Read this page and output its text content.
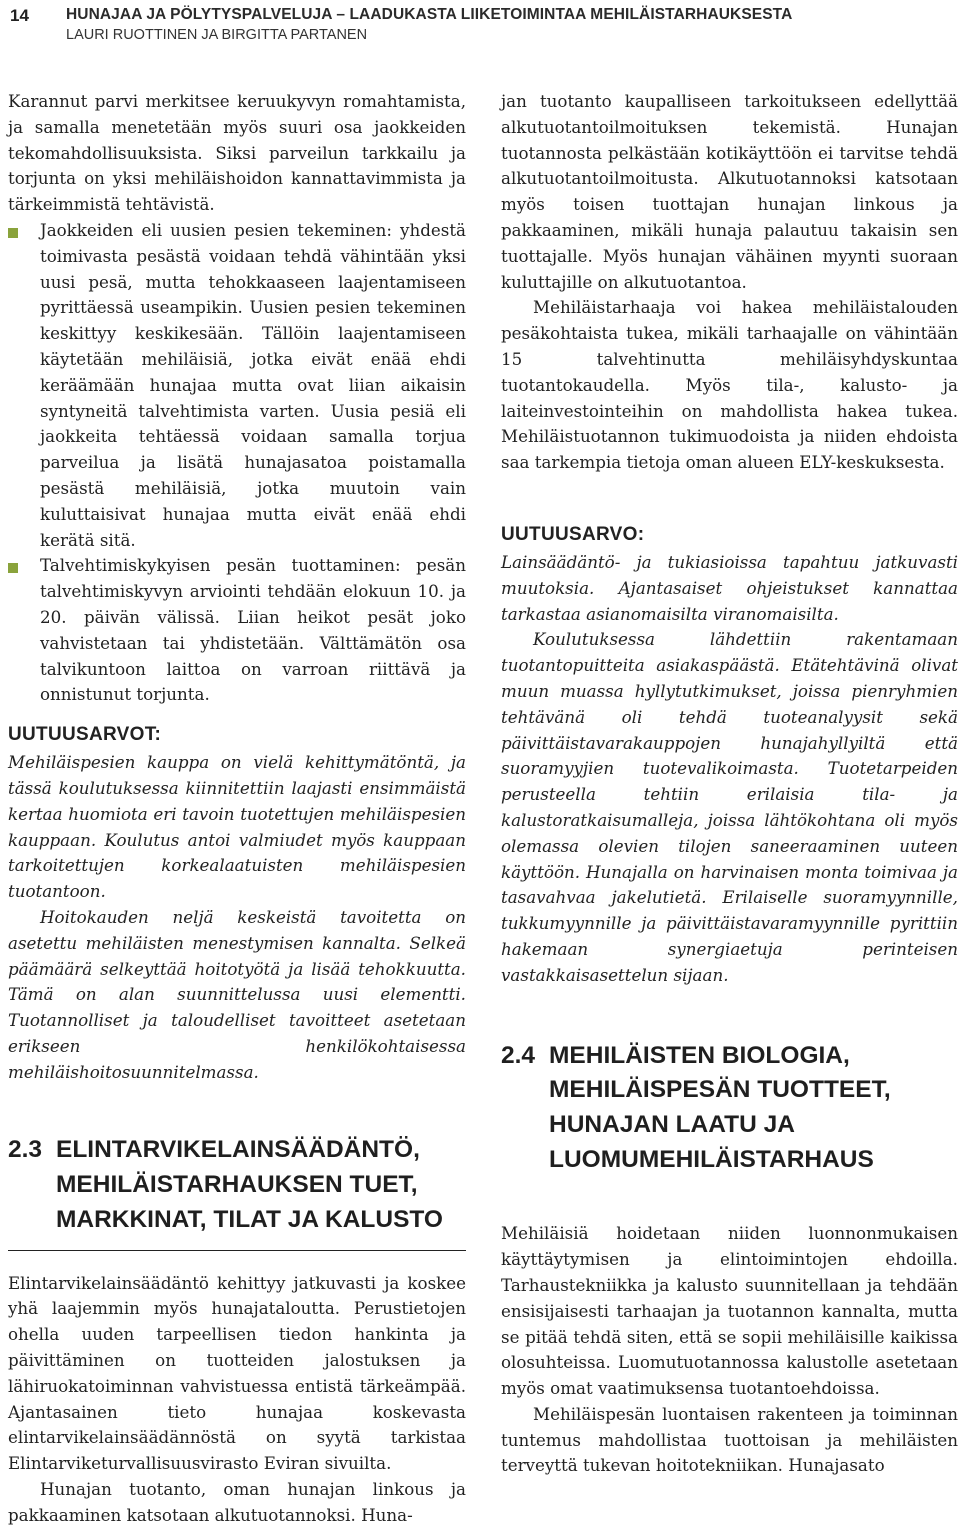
14 HUNAJAA JA PÖLYTYSPALVELUJA – LAADUKASTA LIIKETOIMINTAA MEHILÄISTARHAUKSESTA
LAURI RUOTTINEN JA BIRGITTA PARTANEN

Karannut parvi merkitsee keruukyvyn romahtamista, ja samalla menetetään myös suuri osa jaokkeiden tekomahdollisuuksista. Siksi parveilun tarkkailu ja torjunta on yksi mehiläishoidon kannattavimmista ja tärkeimmistä tehtävistä.

Jaokkeiden eli uusien pesien tekeminen: yhdestä toimivasta pesästä voidaan tehdä vähintään yksi uusi pesä, mutta tehokkaaseen laajentamiseen pyrittäessä useampikin. Uusien pesien tekeminen keskittyy keskikesään. Tällöin laajentamiseen käytetään mehiläisiä, jotka eivät enää ehdi keräämään hunajaa mutta ovat liian aikaisin syntyneitä talvehtimista varten. Uusia pesiä eli jaokkeita tehtäessä voidaan samalla torjua parveilua ja lisätä hunajasatoa poistamalla pesästä mehiläisiä, jotka muutoin vain kuluttaisivat hunajaa mutta eivät enää ehdi kerätä sitä.
Talvehtimiskykyisen pesän tuottaminen: pesän talvehtimiskyvyn arviointi tehdään elokuun 10. ja 20. päivän välissä. Liian heikot pesät joko vahvistetaan tai yhdistetään. Välttämätön osa talvikuntoon laittoa on varroan riittävä ja onnistunut torjunta.
UUTUUSARVOT:

Mehiläispesien kauppa on vielä kehittymätöntä, ja tässä koulutuksessa kiinnitettiin laajasti ensimmäistä kertaa huomiota eri tavoin tuotettujen mehiläispesien kauppaan. Koulutus antoi valmiudet myös kauppaan tarkoitettujen korkealaatuisten mehiläispesien tuotantoon.

Hoitokauden neljä keskeistä tavoitetta on asetettu mehiläisten menestymisen kannalta. Selkeä päämäärä selkeyttää hoitotyötä ja lisää tehokkuutta. Tämä on alan suunnittelussa uusi elementti. Tuotannolliset ja taloudelliset tavoitteet asetetaan erikseen henkilökohtaisessa mehiläishoitosuunnitelmassa.

2.3 ELINTARVIKELAINSÄÄDÄNTÖ, MEHILÄISTARHAUKSEN TUET, MARKKINAT, TILAT JA KALUSTO

Elintarvikelainsäädäntö kehittyy jatkuvasti ja koskee yhä laajemmin myös hunajataloutta. Perustietojen ohella uuden tarpeellisen tiedon hankinta ja päivittäminen on tuotteiden jalostuksen ja lähiruokatoiminnan vahvistuessa entistä tärkeämpää. Ajantasainen tieto hunajaa koskevasta elintarvikelainsäädännöstä on syytä tarkistaa Elintarviketurvallisuusvirasto Eviran sivuilta.

Hunajan tuotanto, oman hunajan linkous ja pakkaaminen katsotaan alkutuotannoksi. Huna-

jan tuotanto kaupalliseen tarkoitukseen edellyttää alkutuotantoilmoituksen tekemistä. Hunajan tuotannosta pelkästään kotikäyttöön ei tarvitse tehdä alkutuotantoilmoitusta. Alkutuotannoksi katsotaan myös toisen tuottajan hunajan linkous ja pakkaaminen, mikäli hunaja palautuu takaisin sen tuottajalle. Myös hunajan vähäinen myynti suoraan kuluttajille on alkutuotantoa.

Mehiläistarhaaja voi hakea mehiläistalouden pesäkohtaista tukea, mikäli tarhaajalle on vähintään 15 talvehtinutta mehiläisyhdyskuntaa tuotantokaudella. Myös tila-, kalusto- ja laiteinvestointeihin on mahdollista hakea tukea. Mehiläistuotannon tukimuodoista ja niiden ehdoista saa tarkempia tietoja oman alueen ELY-keskuksesta.

UUTUUSARVO:

Lainsäädäntö- ja tukiasioissa tapahtuu jatkuvasti muutoksia. Ajantasaiset ohjeistukset kannattaa tarkastaa asianomaisilta viranomaisilta.

Koulutuksessa lähdettiin rakentamaan tuotantopuitteita asiakaspäästä. Etätehtävinä olivat muun muassa hyllytutkimukset, joissa pienryhmien tehtävänä oli tehdä tuoteanalyysit sekä päivittäistavarakauppojen hunajahyllyiltä että suoramyyjien tuotevalikoimasta. Tuotetarpeiden perusteella tehtiin erilaisia tila- ja kalustoratkaisumalleja, joissa lähtökohtana oli myös olemassa olevien tilojen saneeraaminen uuteen käyttöön. Hunajalla on harvinaisen monta toimivaa ja tasavahvaa jakelutietä. Erilaiselle suoramyynnille, tukkumyynnille ja päivittäistavaramyynnille pyrittiin hakemaan synergiaetuja perinteisen vastakkaisasettelun sijaan.

2.4 MEHILÄISTEN BIOLOGIA, MEHILÄISPESÄN TUOTTEET, HUNAJAN LAATU JA LUOMUMEHILÄISTARHAUS

Mehiläisiä hoidetaan niiden luonnonmukaisen käyttäytymisen ja elintoimintojen ehdoilla. Tarhaustekniikka ja kalusto suunnitellaan ja tehdään ensisijaisesti tarhaajan ja tuotannon kannalta, mutta se pitää tehdä siten, että se sopii mehiläisille kaikissa olosuhteissa. Luomutuotannossa kalustolle asetetaan myös omat vaatimuksensa tuotantoehdoissa.

Mehiläispesän luontaisen rakenteen ja toiminnan tuntemus mahdollistaa tuottoisan ja mehiläisten terveyttä tukevan hoitotekniikan. Hunajasato
